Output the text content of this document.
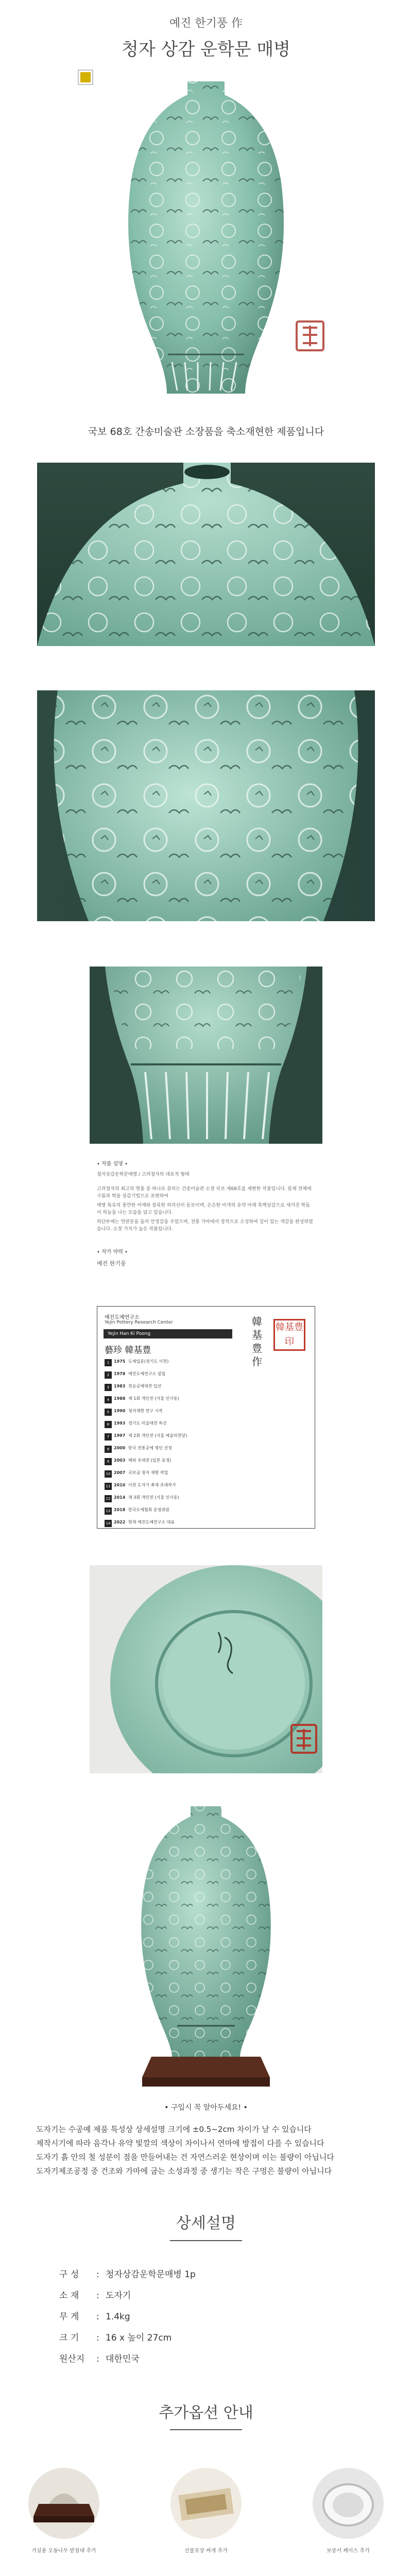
예진 한기풍 作
청자 상감 운학문 매병
국보 68호 간송미술관 소장품을 축소재현한 제품입니다
• 작품 설명 •

청자상감운학문매병 / 고려청자의 대표적 형태

고려청자의 최고의 명품 중 하나로 꼽히는 간송미술관 소장 국보 제68호를 재현한 작품입니다. 몸체 전체에 구름과 학을 상감기법으로 표현하여

매병 특유의 풍만한 어깨와 잘록한 허리선이 돋보이며, 은은한 비색의 유약 아래 흑백상감으로 새겨진 학들이 하늘을 나는 모습을 담고 있습니다.

하단부에는 연판문을 둘러 안정감을 주었으며, 전통 가마에서 장작으로 소성하여 깊이 있는 색감을 완성하였습니다. 소장 가치가 높은 작품입니다.

• 작가 약력 •
예진 한기풍
예진도예연구소
Yejin Pottery Research Center
Yejin Han Ki Poong
藝珍 韓基豊
1	1975 도예입문(경기도 이천)
2	1978 예진도예연구소 설립
3	1983 전승공예대전 입선
4	1988 제 1회 개인전 (서울 인사동)
5	1990 청자재현 연구 시작
6	1993 경기도 미술대전 특선
7	1997 제 2회 개인전 (서울 예술의전당)
8	2000 한국 전통공예 명인 선정
9	2003 해외 초대전 (일본 동경)
10 2007 국보급 청자 재현 작업
11 2010 이천 도자기 축제 초대작가
12 2014 제 3회 개인전 (서울 인사동)
13 2018 한국도예협회 운영위원
14 2022 현재 예진도예연구소 대표
韓基豊作
韓基豊印
• 구입시 꼭 알아두세요! •
도자기는 수공예 제품 특성상 상세설명 크기에 ±0.5~2cm 차이가 날 수 있습니다
제작시기에 따라 음각나 유약 빛깔의 색상이 차이나서 연마에 방접이 다를 수 있습니다
도자기 흙 안의 철 성분이 점을 만들어내는 건 자연스러운 현상이며 이는 불량이 아닙니다
도자기제조공정 중 건조와 가마에 굽는 소성과정 중 생기는 작은 구멍은 불량이 아닙니다
상세설명
구 성	: 청자상감운학문매병 1p
소 재	: 도자기
무 게	: 1.4kg
크 기	: 16 x 높이 27cm
원산지	: 대한민국
추가옵션 안내
거실용 오동나무 받침대 추가	선물포장 싸개 추가	보증서 케이스 추가
